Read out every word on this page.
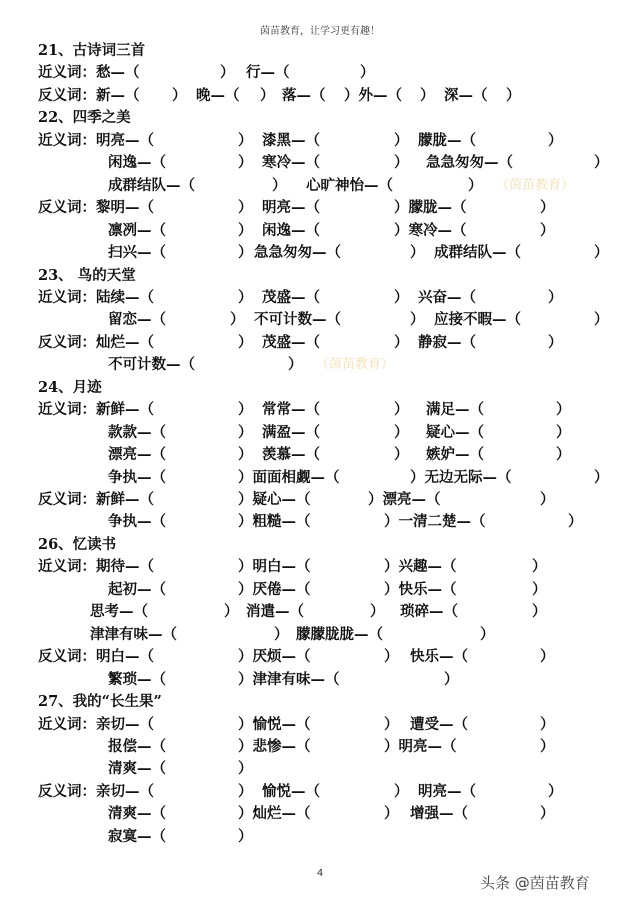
茵苗教育，让学习更有趣！
21、古诗词三首
近义词：愁—（	） 行—（	）
反义词：新—（ ） 晚—（ ） 落—（ ）外—（ ） 深—（ ）
22、四季之美
近义词：明亮—（	） 漆黑—（	） 朦胧—（	）
闲逸—（	） 寒冷—（	） 急急匆匆—（	）
成群结队—（	） 心旷神怡—（	） （茵苗教育）
反义词：黎明—（	） 明亮—（	）朦胧—（	）
凛冽—（	） 闲逸—（	）寒冷—（	）
扫兴—（	） 急急匆匆—（	） 成群结队—（	）
23、 鸟的天堂
近义词：陆续—（	） 茂盛—（	） 兴奋—（	）
留恋—（	） 不可计数—（	） 应接不暇—（	）
反义词：灿烂—（	） 茂盛—（	） 静寂—（	）
不可计数—（	） （茵苗教育）
24、月迹
近义词：新鲜—（	） 常常—（	） 满足—（	）
款款—（	） 满盈—（	） 疑心—（	）
漂亮—（	） 羡慕—（	） 嫉妒—（	）
争执—（	）面面相觑—（	）无边无际—（	）
反义词：新鲜—（	）疑心—（	）漂亮—（	）
争执—（	）粗糙—（	）一清二楚—（	）
26、忆读书
近义词：期待—（	）明白—（	）兴趣—（	）
起初—（	）厌倦—（	）快乐—（	）
思考—（	） 消遣—（	） 琐碎—（	）
津津有味—（	） 朦朦胧胧—（	）
反义词：明白—（	）厌烦—（	） 快乐—（	）
繁琐—（	）津津有味—（	）
27、我的“长生果”
近义词：亲切—（	）愉悦—（	） 遭受—（	）
报偿—（	）悲惨—（	）明亮—（	）
清爽—（	）
反义词：亲切—（	） 愉悦—（	） 明亮—（	）
清爽—（	）灿烂—（	） 增强—（	）
寂寞—（	）
4
头条 @茵苗教育
